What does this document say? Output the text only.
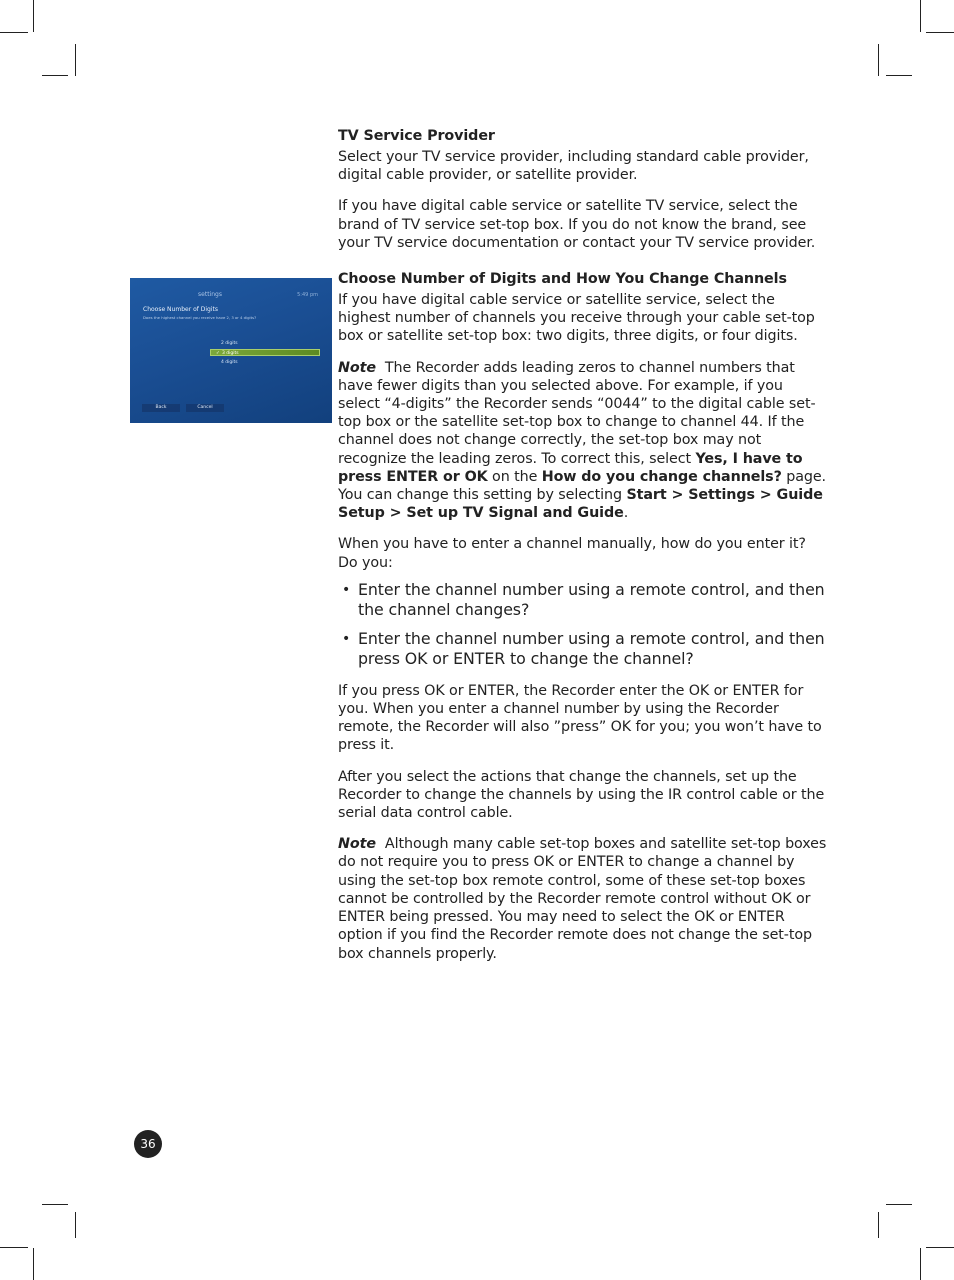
settings	5:49 pm
Choose Number of Digits
Does the highest channel you receive have 2, 3 or 4 digits?
2 digits
✓ 3 digits
4 digits
Back	Cancel
TV Service Provider

Select your TV service provider, including standard cable provider, digital cable provider, or satellite provider.

If you have digital cable service or satellite TV service, select the brand of TV service set-top box. If you do not know the brand, see your TV service documentation or contact your TV service provider.

Choose Number of Digits and How You Change Channels

If you have digital cable service or satellite service, select the highest number of channels you receive through your cable set-top box or satellite set-top box: two digits, three digits, or four digits.

Note The Recorder adds leading zeros to channel numbers that have fewer digits than you selected above. For example, if you select “4-digits” the Recorder sends “0044” to the digital cable set-top box or the satellite set-top box to change to channel 44. If the channel does not change correctly, the set-top box may not recognize the leading zeros. To correct this, select Yes, I have to press ENTER or OK on the How do you change channels? page. You can change this setting by selecting Start > Settings > Guide Setup > Set up TV Signal and Guide.

When you have to enter a channel manually, how do you enter it?
Do you:

• Enter the channel number using a remote control, and then the channel changes?
• Enter the channel number using a remote control, and then press OK or ENTER to change the channel?

If you press OK or ENTER, the Recorder enter the OK or ENTER for you. When you enter a channel number by using the Recorder remote, the Recorder will also ”press” OK for you; you won’t have to press it.

After you select the actions that change the channels, set up the Recorder to change the channels by using the IR control cable or the serial data control cable.

Note Although many cable set-top boxes and satellite set-top boxes do not require you to press OK or ENTER to change a channel by using the set-top box remote control, some of these set-top boxes cannot be controlled by the Recorder remote control without OK or ENTER being pressed. You may need to select the OK or ENTER option if you find the Recorder remote does not change the set-top box channels properly.

36
